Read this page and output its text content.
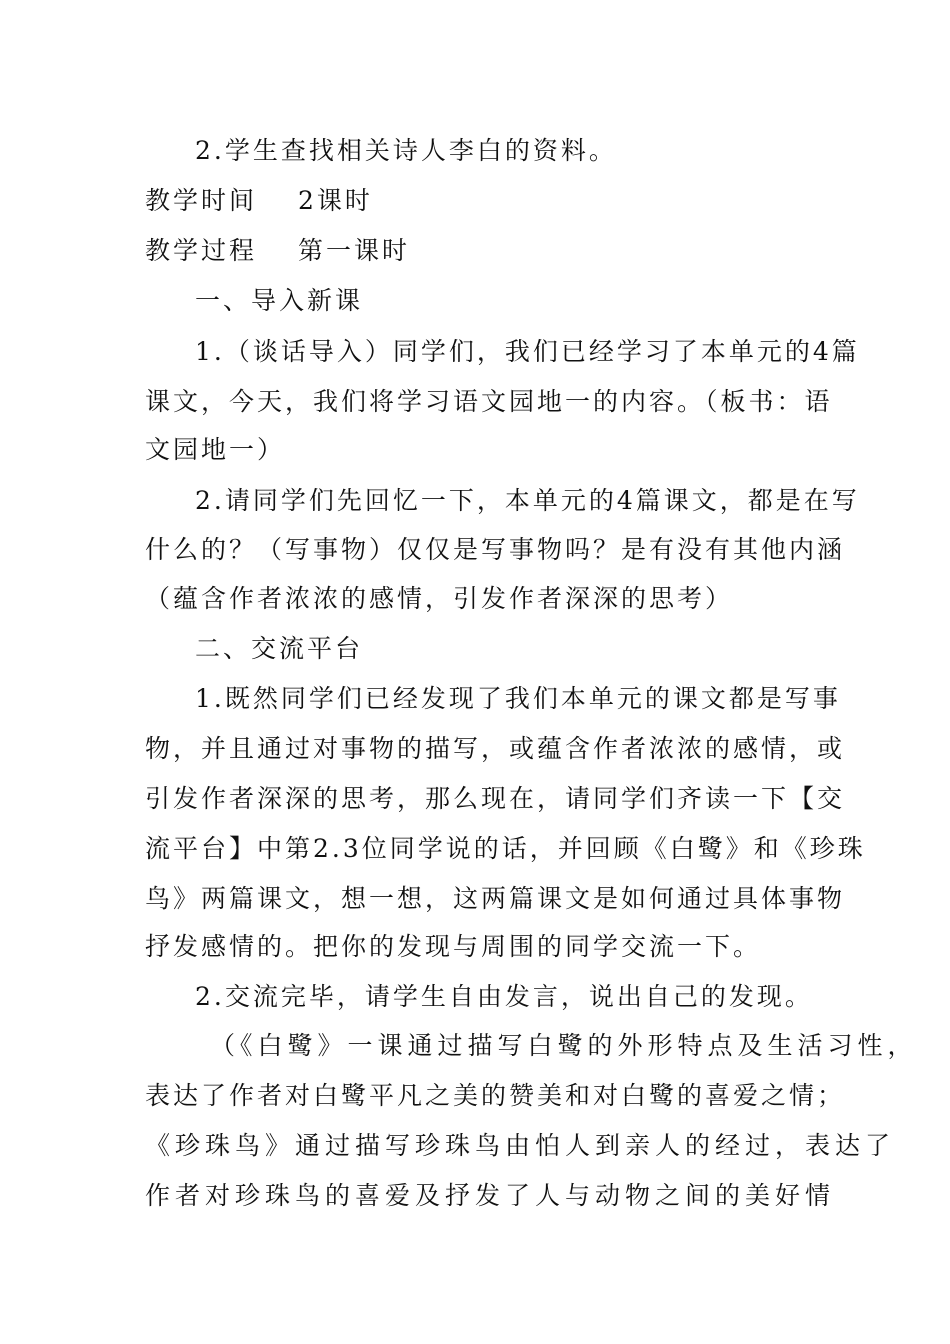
2.学生查找相关诗人李白的资料。
教学时间	2课时
教学过程	第一课时
一、导入新课
1.（谈话导入）同学们，我们已经学习了本单元的4篇
课文，今天，我们将学习语文园地一的内容。（板书：语
文园地一）
2.请同学们先回忆一下，本单元的4篇课文，都是在写
什么的？（写事物）仅仅是写事物吗？是有没有其他内涵
（蕴含作者浓浓的感情，引发作者深深的思考）
二、交流平台
1.既然同学们已经发现了我们本单元的课文都是写事
物，并且通过对事物的描写，或蕴含作者浓浓的感情，或
引发作者深深的思考，那么现在，请同学们齐读一下【交
流平台】中第2.3位同学说的话，并回顾《白鹭》和《珍珠
鸟》两篇课文，想一想，这两篇课文是如何通过具体事物
抒发感情的。把你的发现与周围的同学交流一下。
2.交流完毕，请学生自由发言，说出自己的发现。
（《白鹭》一课通过描写白鹭的外形特点及生活习性，
表达了作者对白鹭平凡之美的赞美和对白鹭的喜爱之情；
《珍珠鸟》通过描写珍珠鸟由怕人到亲人的经过，表达了
作者对珍珠鸟的喜爱及抒发了人与动物之间的美好情
